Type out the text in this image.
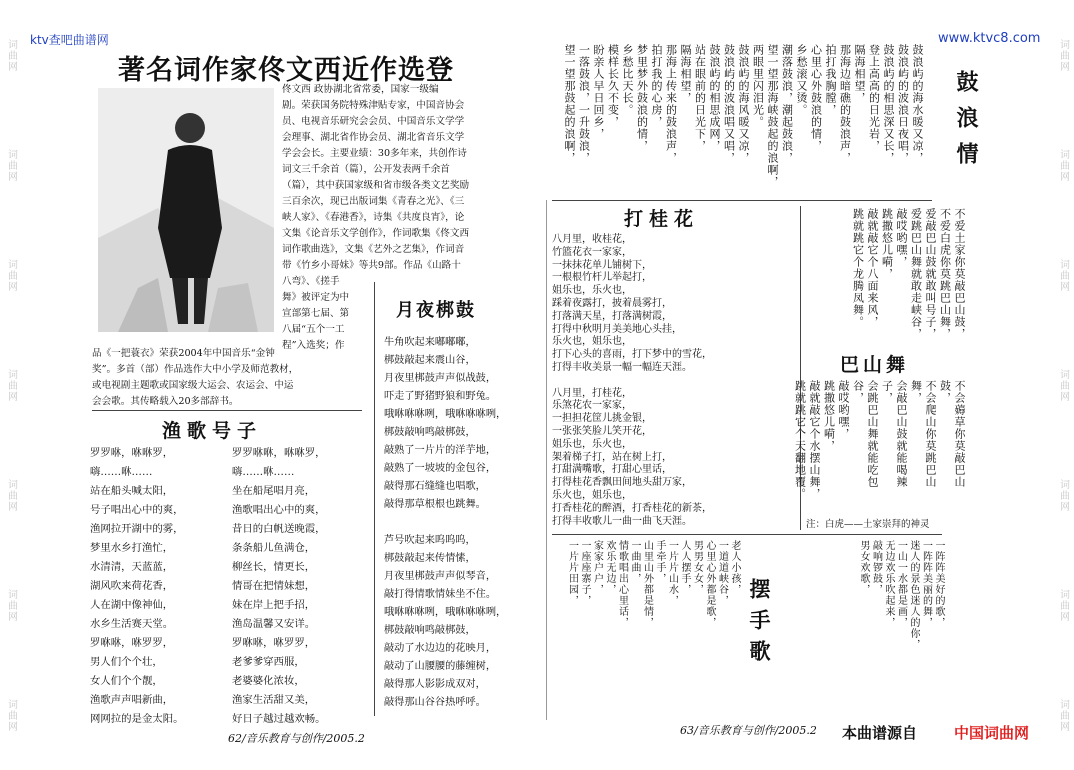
词曲网
词曲网
词曲网
词曲网
词曲网
词曲网
词曲网
词曲网
词曲网
词曲网
词曲网
词曲网
词曲网
词曲网
ktv查吧曲谱网	www.ktvc8.com
著名词作家佟文西近作选登
佟文西 政协湖北省常委，国家一级编
剧。荣获国务院特殊津贴专家，中国音协会
员、电视音乐研究会会员、中国音乐文学学
会理事、湖北省作协会员、湖北省音乐文学
学会会长。主要业绩：30多年来，共创作诗
词文三千余首（篇），公开发表两千余首
（篇），其中获国家级和省市级各类文艺奖励
三百余次，现已出版词集《青春之光》、《三
峡人家》、《春港香》，诗集《共度良宵》，论
文集《论音乐文学创作》，作词歌集《佟文西
词作歌曲选》，文集《艺外之艺集》，作词音
带《竹乡小哥妹》等共9部。作品《山路十
八弯》、《搓手
舞》被评定为中
宣部第七届、第
八届“五个一工
程”入选奖；作
品《一把蓑衣》荣获2004年中国音乐“金钟
奖”。多首（部）作品选作大中小学及师范教材，
或电视剧主题歌或国家级大运会、农运会、中运
会会歌。其传略载入20多部辞书。
鼓浪屿的海水暖又凉，
鼓浪屿的波浪日夜唱，
鼓浪屿的相思深又长，
登上高高的日光岩，
隔海相望，
那海边暗礁的鼓浪声，
拍打我胸膛，
心里心外鼓浪的情，
乡愁滚又烫。
潮落鼓浪，潮起鼓浪，
望一望那海峡鼓起的浪啊，
两眼里闪泪光。
鼓浪屿的海风暖又凉，
鼓浪屿的波浪唱又唱，
鼓浪屿的相思成网，
站在眼前的日光下，
隔海相望，
那海上传来的鼓浪声，
拍打我的心房，
梦里梦外鼓浪的情，
乡愁比天长。
模样长久不变，
盼亲人早日回乡，
一落鼓浪，一升鼓浪，
望一望那鼓起的浪啊，	鼓浪情
渔歌号子
罗罗咻，咻咻罗，
嗨……咻……
站在船头喊太阳，
号子唱出心中的爽，
渔网拉开湖中的雾，
梦里水乡打渔忙，
水清清，天蓝蓝，
湖风吹来荷花香，
人在湖中像神仙，
水乡生活赛天堂。
罗咻咻，咻罗罗，
男人们个个壮，
女人们个个靓，
渔歌声声唱新曲，
网网拉的是金太阳。
罗罗咻咻，咻咻罗，
嗨……咻……
坐在船尾唱月亮，
渔歌唱出心中的爽，
昔日的白帆送晚霞，
条条船儿鱼满仓，
柳丝长，情更长，
情哥在把情妹想，
妹在岸上把手招，
渔岛温馨又安详。
罗咻咻，咻罗罗，
老爹爹穿西服，
老婆婆化浓妆，
渔家生活甜又美，
好日子越过越欢畅。
月夜梆鼓
牛角吹起来嘟嘟嘟，
梆鼓敲起来震山谷，
月夜里梆鼓声声似战鼓，
吓走了野猪野狼和野兔。
哦咻咻咻咧，哦咻咻咻咧，
梆鼓敲响鸣敲梆鼓，
敲熟了一片片的洋芋地，
敲熟了一坡坡的金包谷，
敲得那石缝缝也唱歌，
敲得那草根根也跳舞。
芦号吹起来呜呜呜，
梆鼓敲起来传情愫，
月夜里梆鼓声声似琴音，
敲打得情歌情妹坐不住。
哦咻咻咻咧，哦咻咻咻咧，
梆鼓敲响鸣敲梆鼓，
敲动了水边边的花映月，
敲动了山腰腰的藤缠树，
敲得那人影影成双对，
敲得那山谷谷热呼呼。
打桂花
八月里，收桂花，
竹篮花衣一家家，
一抹抹花单儿铺树下，
一根根竹杆儿举起打，
姐乐也，乐火也，
踩着夜露打，披着晨雾打，
打落满天星，打落满树霞，
打得中秋明月美美地心头挂，
乐火也，姐乐也，
打下心头的喜雨，打下梦中的雪花，
打得丰收美景一幅一幅连天涯。
八月里，打桂花，
乐煞花农一家家，
一担担花筐儿挑金银，
一张张笑脸儿笑开花，
姐乐也，乐火也，
架着梯子打，站在树上打，
打甜满嘴歌，打甜心里话，
打得桂花香飘田间地头甜万家，
乐火也，姐乐也，
打香桂花的醉酒，打香桂花的新茶，
打得丰收歌儿一曲一曲飞天涯。
不爱土家你莫敲巴山鼓，
不爱白虎你莫跳巴山舞，
爱敲巴山鼓就敢叫号子，
爱跳巴山舞就敢走峡谷，
敲哎哟嘿，
跳撒悠儿嗬，
敲就敲它个八面来风，
跳就跳它个龙腾凤舞。
巴山舞
不会薅草你莫敲巴山鼓，
不会爬山你莫跳巴山舞，
会敲巴山鼓就能喝辣子，
会跳巴山舞就能吃包谷，
敲哎哟嘿，
跳撒悠儿嗬，
敲就敲它个水摆山舞，
跳就跳它个天翻地覆。
注：白虎——土家崇拜的神灵
老人小孩，
一道道峡谷，
心里心外都是歌，
男男女女，
人人摆手，
一片片山水，
手牵手，
山里山外都是情，
一曲曲，
情歌唱出心里话，
欢乐无边，
家家户户，
一座座寨子，
一片片田园，
摆手歌	一阵阵美好的歌，
一阵阵美丽的舞，
迷人的景色迷人的你，
一山一水都是画，
无边欢乐吹起来，
敲响锣鼓，
男女欢歌，
62/音乐教育与创作/2005.2
63/音乐教育与创作/2005.2 本曲谱源自 中国词曲网
